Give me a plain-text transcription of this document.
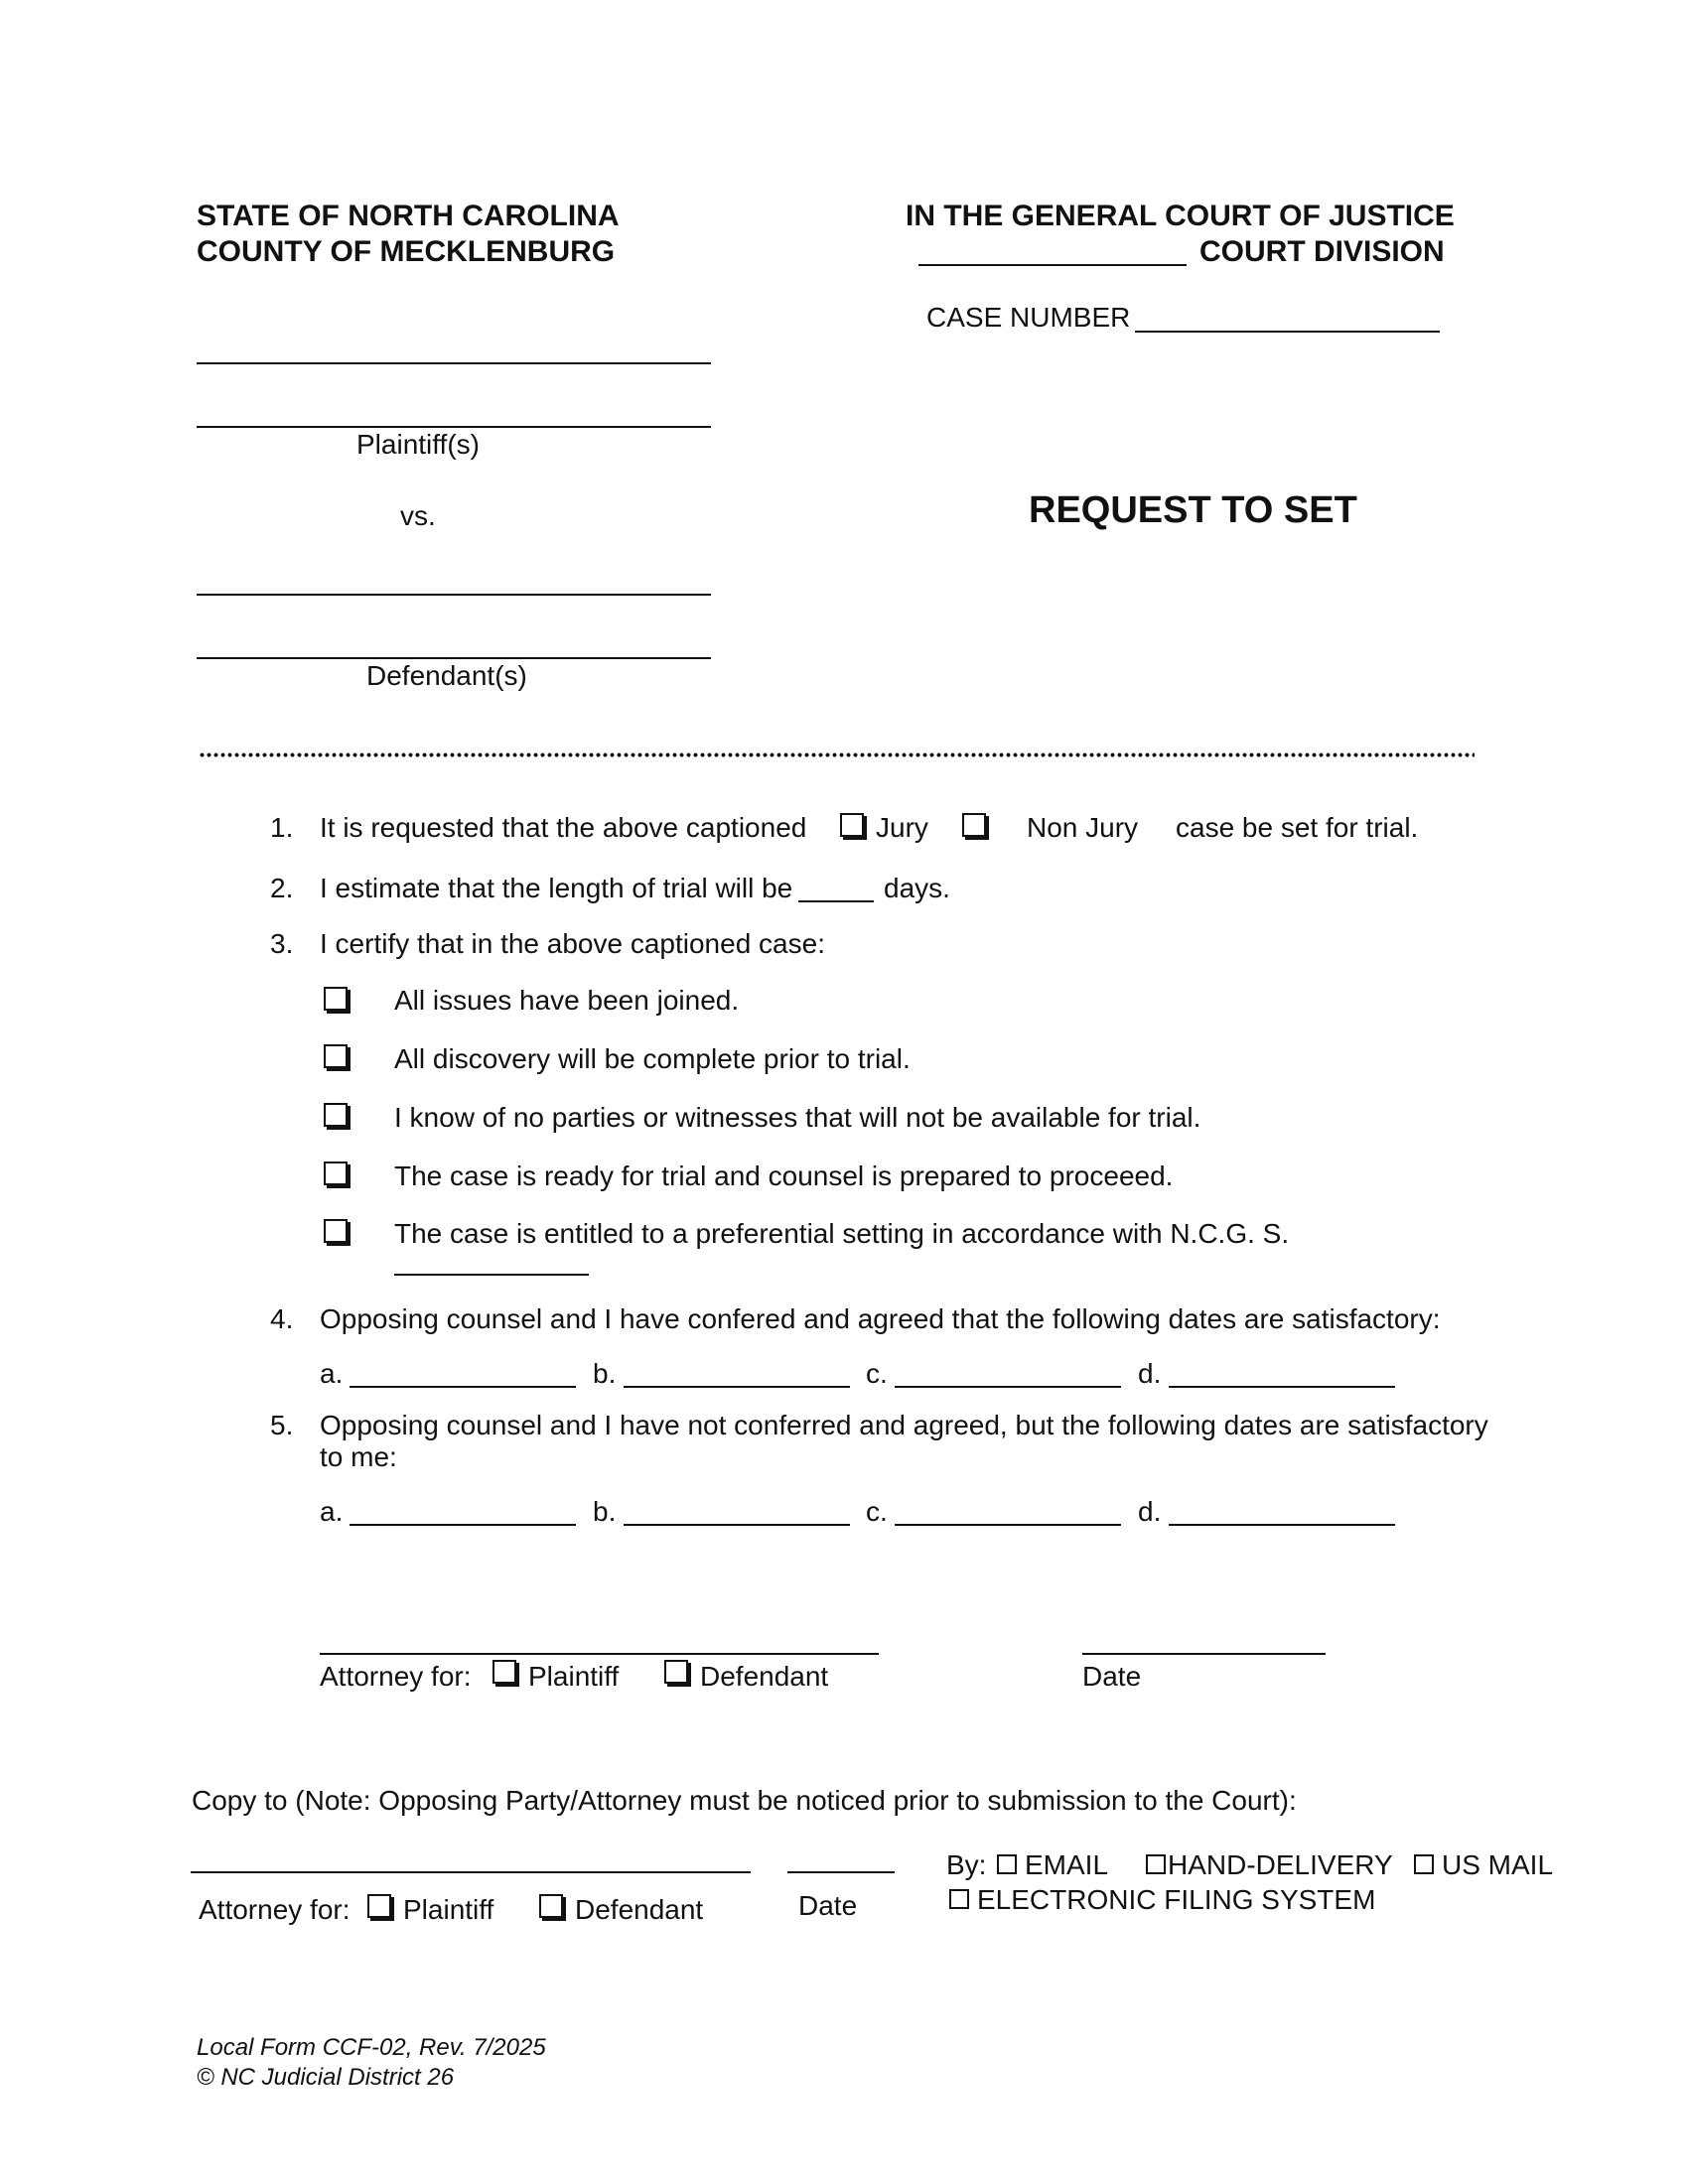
STATE OF NORTH CAROLINA
COUNTY OF MECKLENBURG
IN THE GENERAL COURT OF JUSTICE
COURT DIVISION
CASE NUMBER
Plaintiff(s)
vs.
Defendant(s)
REQUEST TO SET
1. It is requested that the above captioned Jury	Non Jury case be set for trial.
2. I estimate that the length of trial will be	days.
3. I certify that in the above captioned case:
All issues have been joined.
All discovery will be complete prior to trial.
I know of no parties or witnesses that will not be available for trial.
The case is ready for trial and counsel is prepared to proceeed.
The case is entitled to a preferential setting in accordance with N.C.G. S.
4. Opposing counsel and I have confered and agreed that the following dates are satisfactory:
a.	b.	c.	d.
5. Opposing counsel and I have not conferred and agreed, but the following dates are satisfactory
to me:
a.	b.	c.	d.
Attorney for: Plaintiff	Defendant	Date
Copy to (Note: Opposing Party/Attorney must be noticed prior to submission to the Court):
Attorney for: Plaintiff	Defendant	Date
By: EMAIL HAND-DELIVERY US MAIL
ELECTRONIC FILING SYSTEM
Local Form CCF-02, Rev. 7/2025
© NC Judicial District 26
